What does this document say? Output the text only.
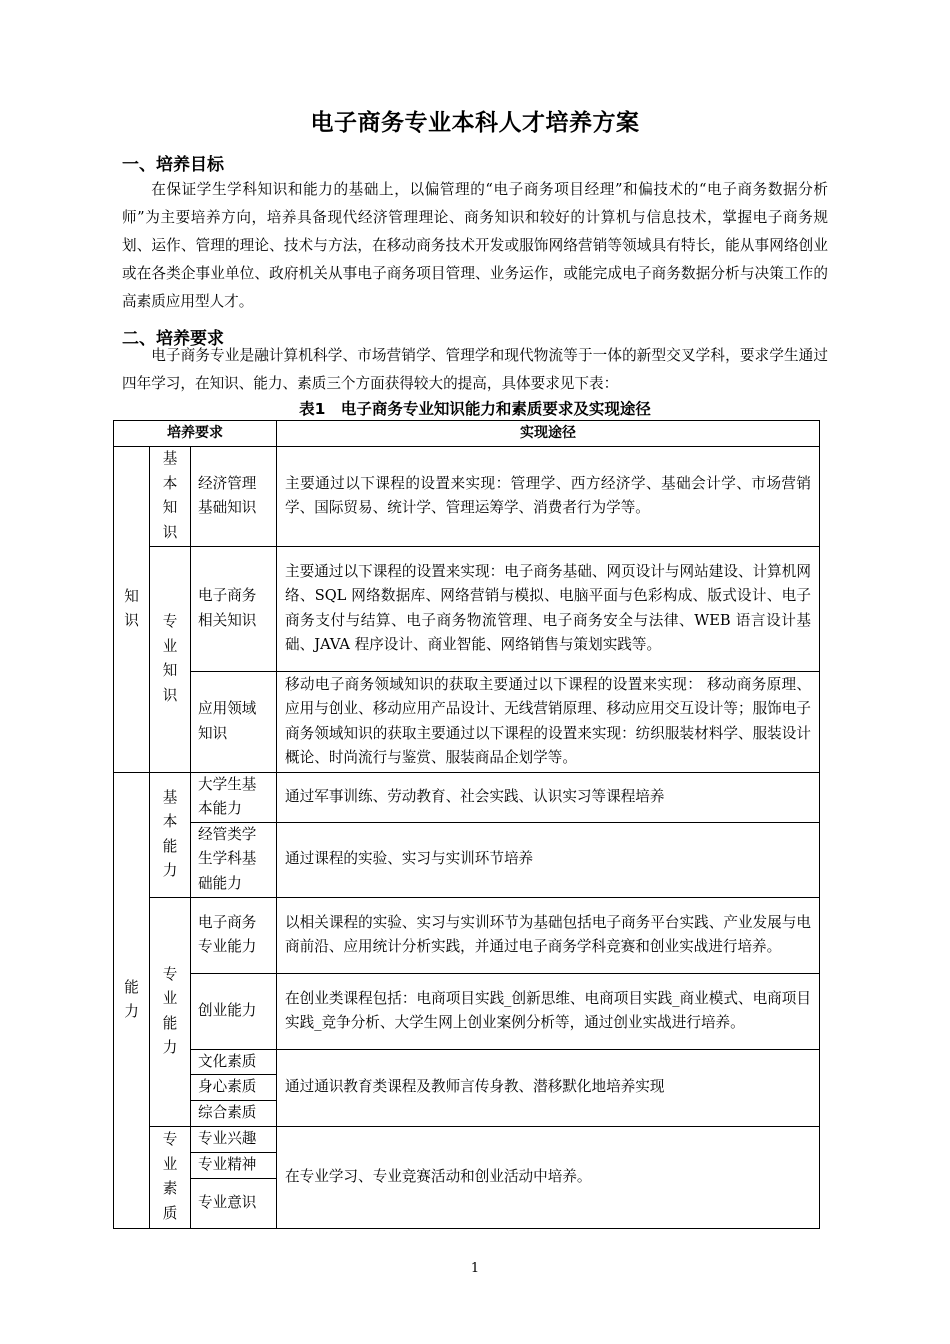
电子商务专业本科人才培养方案
一、培养目标
在保证学生学科知识和能力的基础上，以偏管理的“电子商务项目经理”和偏技术的“电子商务数据分析师”为主要培养方向，培养具备现代经济管理理论、商务知识和较好的计算机与信息技术，掌握电子商务规划、运作、管理的理论、技术与方法，在移动商务技术开发或服饰网络营销等领域具有特长，能从事网络创业或在各类企事业单位、政府机关从事电子商务项目管理、业务运作，或能完成电子商务数据分析与决策工作的高素质应用型人才。
二、培养要求
电子商务专业是融计算机科学、市场营销学、管理学和现代物流等于一体的新型交叉学科，要求学生通过四年学习，在知识、能力、素质三个方面获得较大的提高，具体要求见下表：
表1　电子商务专业知识能力和素质要求及实现途径
培养要求			实现途径

知识	基本知识	经济管理基础知识	主要通过以下课程的设置来实现：管理学、西方经济学、基础会计学、市场营销学、国际贸易、统计学、管理运筹学、消费者行为学等。

	专业知识	电子商务相关知识	主要通过以下课程的设置来实现：电子商务基础、网页设计与网站建设、计算机网络、SQL 网络数据库、网络营销与模拟、电脑平面与色彩构成、版式设计、电子商务支付与结算、电子商务物流管理、电子商务安全与法律、WEB 语言设计基础、JAVA 程序设计、商业智能、网络销售与策划实践等。
		应用领域知识	移动电子商务领域知识的获取主要通过以下课程的设置来实现： 移动商务原理、应用与创业、移动应用产品设计、无线营销原理、移动应用交互设计等；服饰电子商务领域知识的获取主要通过以下课程的设置来实现：纺织服装材料学、服装设计概论、时尚流行与鉴赏、服装商品企划学等。

能力	基本能力	大学生基本能力	通过军事训练、劳动教育、社会实践、认识实习等课程培养
		经管类学生学科基础能力	通过课程的实验、实习与实训环节培养

	专业能力	电子商务专业能力	以相关课程的实验、实习与实训环节为基础包括电子商务平台实践、产业发展与电商前沿、应用统计分析实践，并通过电子商务学科竞赛和创业实战进行培养。
		创业能力	在创业类课程包括：电商项目实践_创新思维、电商项目实践_商业模式、电商项目实践_竞争分析、大学生网上创业案例分析等，通过创业实战进行培养。
		文化素质	通过通识教育类课程及教师言传身教、潜移默化地培养实现
		身心素质	
		综合素质	

	专业素质	专业兴趣	在专业学习、专业竞赛活动和创业活动中培养。
		专业精神	
		专业意识	
1
